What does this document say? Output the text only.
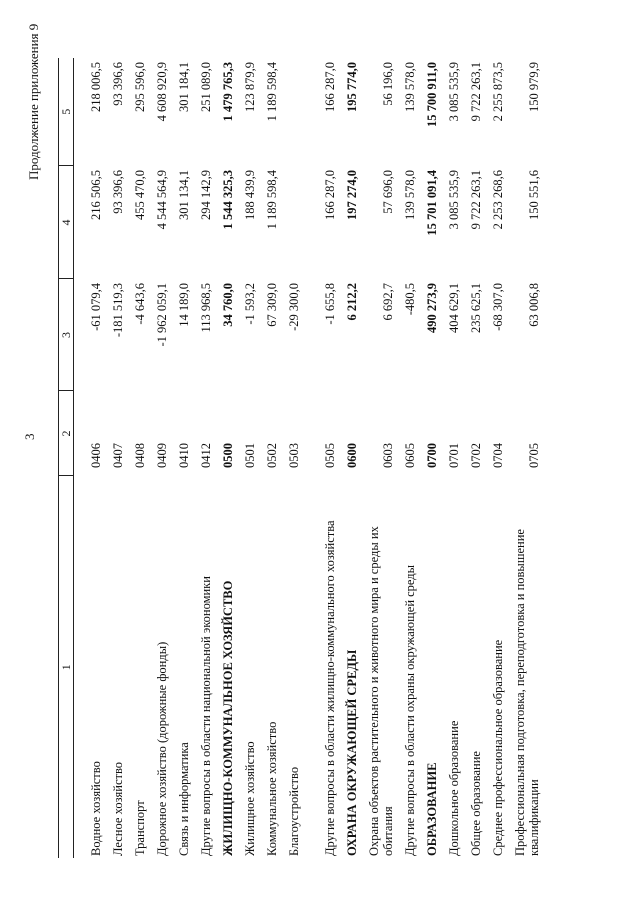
3
Продолжение приложения 9
1	2	3	4	5
Водное хозяйство	0406	-61 079,4	216 506,5	218 006,5
Лесное хозяйство	0407	-181 519,3	93 396,6	93 396,6
Транспорт	0408	-4 643,6	455 470,0	295 596,0
Дорожное хозяйство (дорожные фонды)	0409	-1 962 059,1	4 544 564,9	4 608 920,9
Связь и информатика	0410	14 189,0	301 134,1	301 184,1
Другие вопросы в области национальной экономики	0412	113 968,5	294 142,9	251 089,0
ЖИЛИЩНО-КОММУНАЛЬНОЕ ХОЗЯЙСТВО	0500	34 760,0	1 544 325,3	1 479 765,3
Жилищное хозяйство	0501	-1 593,2	188 439,9	123 879,9
Коммунальное хозяйство	0502	67 309,0	1 189 598,4	1 189 598,4
Благоустройство	0503	-29 300,0		
Другие вопросы в области жилищно-коммунального хозяйства	0505	-1 655,8	166 287,0	166 287,0
ОХРАНА ОКРУЖАЮЩЕЙ СРЕДЫ	0600	6 212,2	197 274,0	195 774,0
Охрана объектов растительного и животного мира и среды их обитания	0603	6 692,7	57 696,0	56 196,0
Другие вопросы в области охраны окружающей среды	0605	-480,5	139 578,0	139 578,0
ОБРАЗОВАНИЕ	0700	490 273,9	15 701 091,4	15 700 911,0
Дошкольное образование	0701	404 629,1	3 085 535,9	3 085 535,9
Общее образование	0702	235 625,1	9 722 263,1	9 722 263,1
Среднее профессиональное образование	0704	-68 307,0	2 253 268,6	2 255 873,5
Профессиональная подготовка, переподготовка и повышение квалификации	0705	63 006,8	150 551,6	150 979,9
